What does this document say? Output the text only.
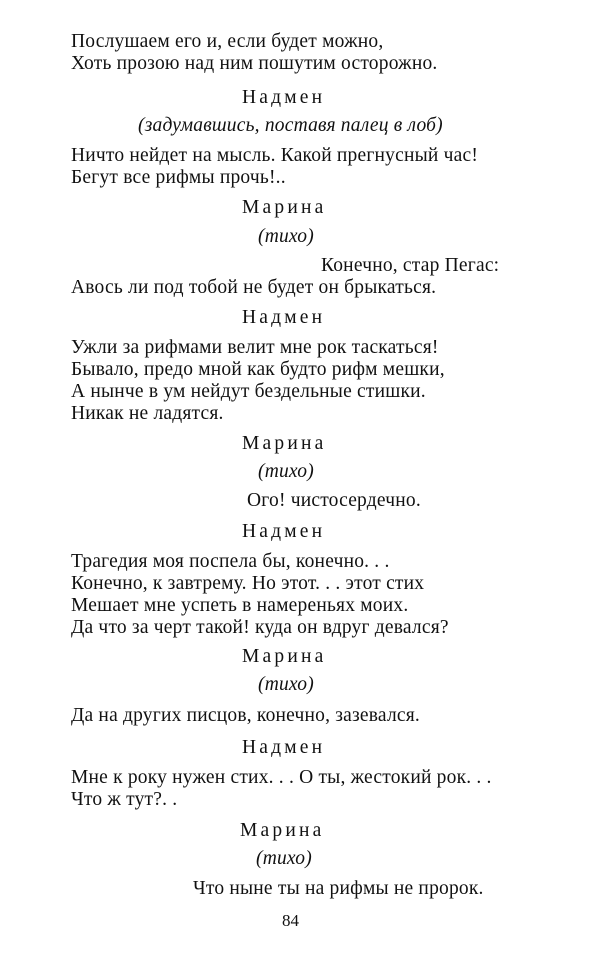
Послушаем его и, если будет можно,
Хоть прозою над ним пошутим осторожно.
Надмен
(задумавшись, поставя палец в лоб)
Ничто нейдет на мысль. Какой прегнусный час!
Бегут все рифмы прочь!..
Марина
(тихо)
Конечно, стар Пегас:
Авось ли под тобой не будет он брыкаться.
Надмен
Ужли за рифмами велит мне рок таскаться!
Бывало, предо мной как будто рифм мешки,
А нынче в ум нейдут бездельные стишки.
Никак не ладятся.
Марина
(тихо)
Ого! чистосердечно.
Надмен
Трагедия моя поспела бы, конечно. . .
Конечно, к завтрему. Но этот. . . этот стих
Мешает мне успеть в намереньях моих.
Да что за черт такой! куда он вдруг девался?
Марина
(тихо)
Да на других писцов, конечно, зазевался.
Надмен
Мне к року нужен стих. . . О ты, жестокий рок. . .
Что ж тут?. .
Марина
(тихо)
Что ныне ты на рифмы не пророк.
84
